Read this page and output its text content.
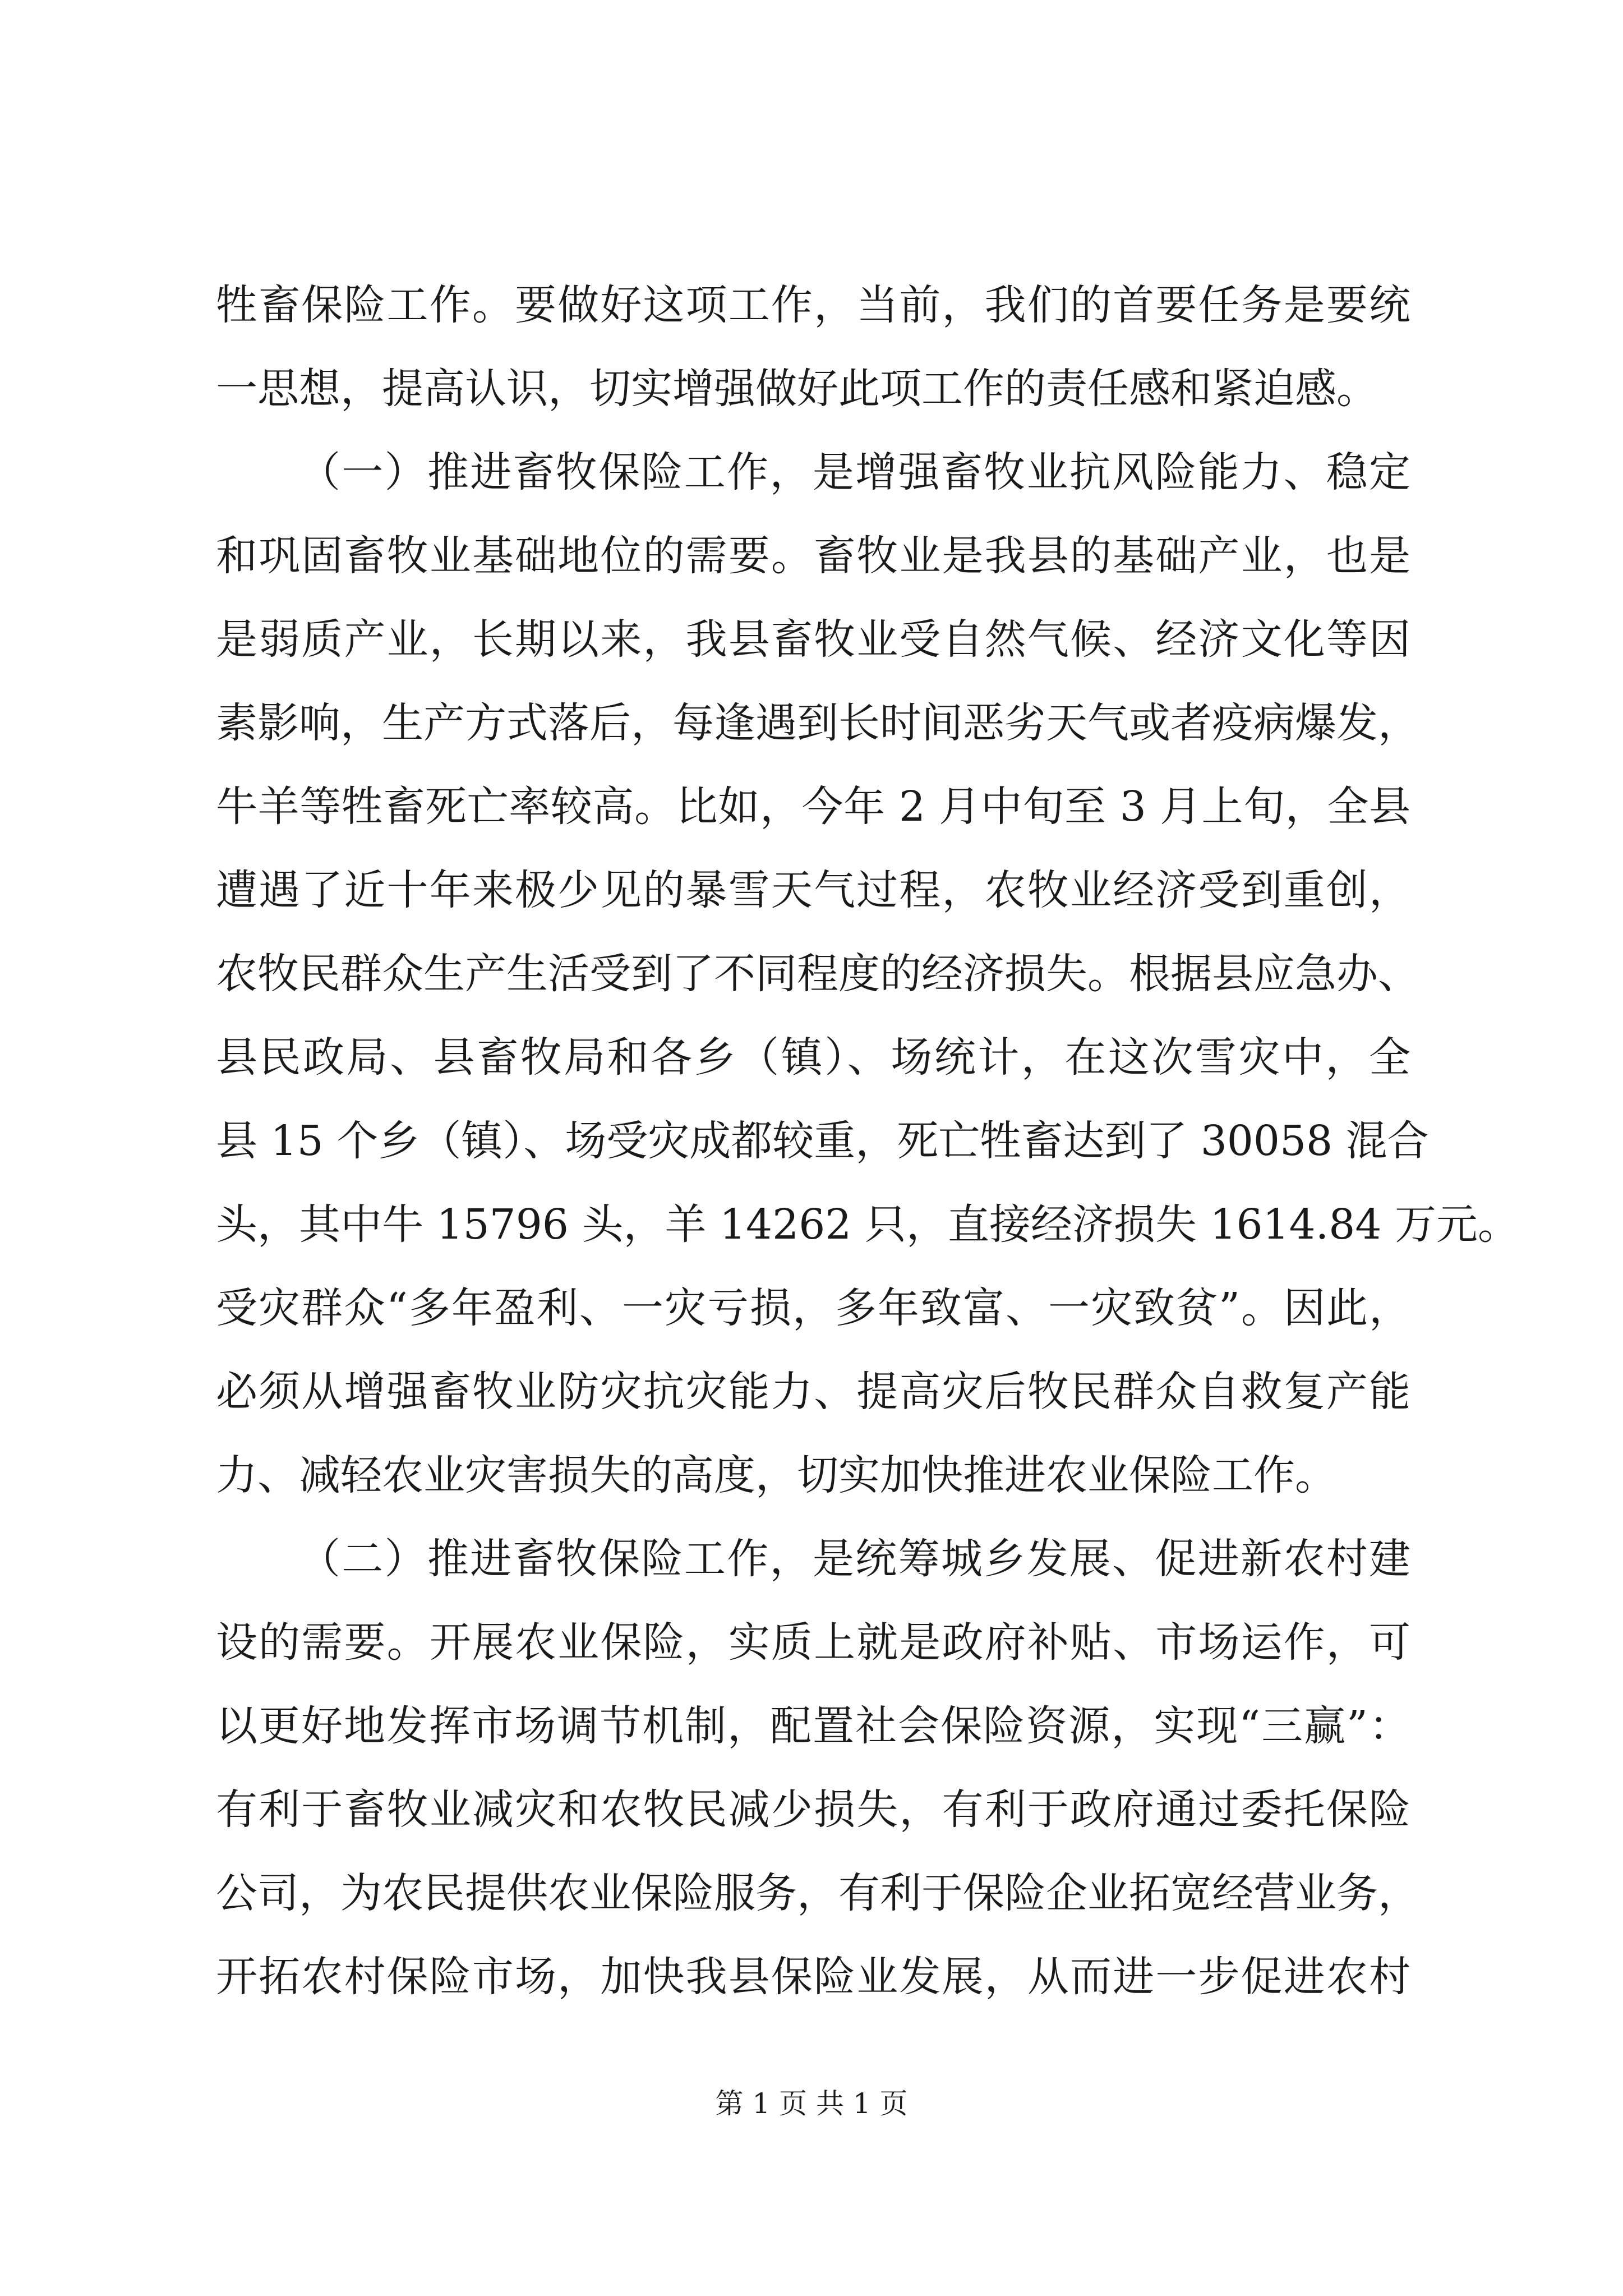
牲畜保险工作。要做好这项工作，当前，我们的首要任务是要统
一思想，提高认识，切实增强做好此项工作的责任感和紧迫感。
（一）推进畜牧保险工作，是增强畜牧业抗风险能力、稳定
和巩固畜牧业基础地位的需要。畜牧业是我县的基础产业，也是
是弱质产业，长期以来，我县畜牧业受自然气候、经济文化等因
素影响，生产方式落后，每逢遇到长时间恶劣天气或者疫病爆发，
牛羊等牲畜死亡率较高。比如，今年 2 月中旬至 3 月上旬，全县
遭遇了近十年来极少见的暴雪天气过程，农牧业经济受到重创，
农牧民群众生产生活受到了不同程度的经济损失。根据县应急办、
县民政局、县畜牧局和各乡（镇）、场统计，在这次雪灾中，全
县 15 个乡（镇）、场受灾成都较重，死亡牲畜达到了 30058 混合
头，其中牛 15796 头，羊 14262 只，直接经济损失 1614.84 万元。
受灾群众“多年盈利、一灾亏损，多年致富、一灾致贫”。因此，
必须从增强畜牧业防灾抗灾能力、提高灾后牧民群众自救复产能
力、减轻农业灾害损失的高度，切实加快推进农业保险工作。
（二）推进畜牧保险工作，是统筹城乡发展、促进新农村建
设的需要。开展农业保险，实质上就是政府补贴、市场运作，可
以更好地发挥市场调节机制，配置社会保险资源，实现“三赢”：
有利于畜牧业减灾和农牧民减少损失，有利于政府通过委托保险
公司，为农民提供农业保险服务，有利于保险企业拓宽经营业务，
开拓农村保险市场，加快我县保险业发展，从而进一步促进农村
第 1 页 共 1 页
